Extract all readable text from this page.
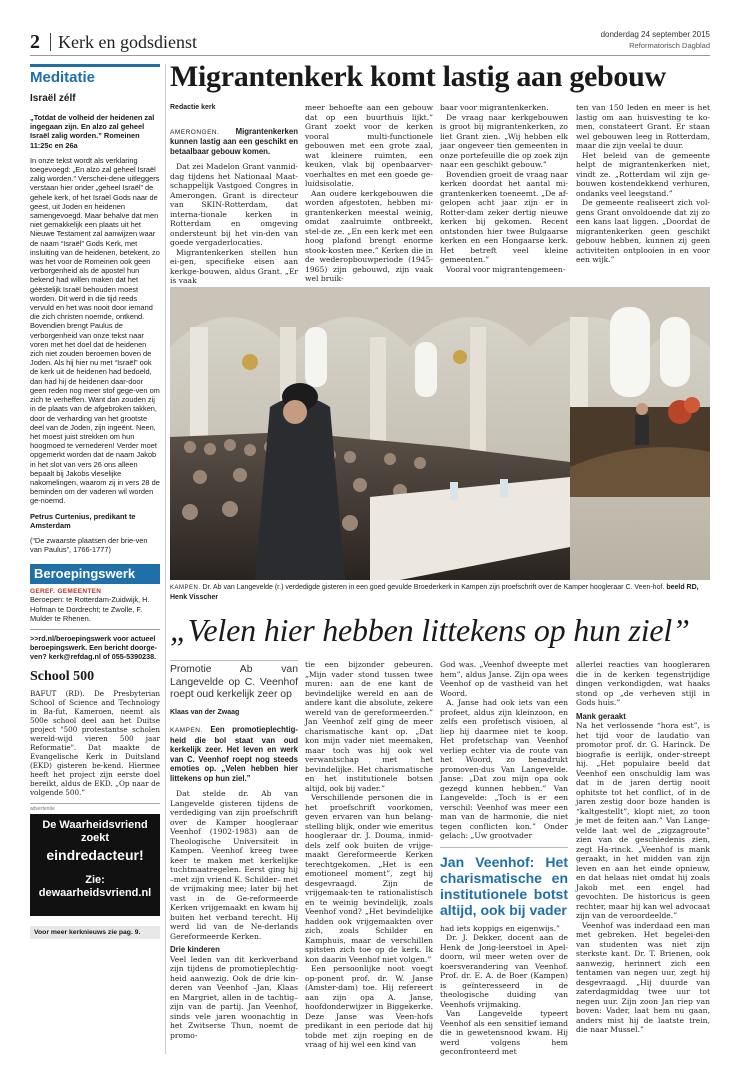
2 Kerk en godsdienst	donderdag 24 september 2015
Reformatorisch Dagblad
Meditatie
Israël zélf
„Totdat de volheid der heidenen zal ingegaan zijn. En alzo zal geheel Israël zalig worden.” Romeinen 11:25c en 26a
In onze tekst wordt als verklaring toegevoegd: „En alzo zal geheel Israël zalig worden.” Verschei-dene uitleggers verstaan hier onder „geheel Israël” de gehele kerk, of het Israël Gods naar de geest, uit Joden en heidenen samengevoegd. Maar behalve dat men niet gemakkelijk een plaats uit het Nieuwe Testament zal aanwijzen waar de naam “Israël” Gods Kerk, met insluiting van de heidenen, betekent, zo was het voor de Romeinen ook geen verborgenheid als de apostel hun bekend had willen maken dat het géëstelijk Israël behouden moest worden. Dit werd in die tijd reeds vervuld en het was nooit door iemand die zich christen noemde, ontkend. Bovendien brengt Paulus de verborgenheid van onze tekst naar voren met het doel dat de heidenen zich niet zouden beroemen boven de Joden. Als hij hier nu met “Israël” ook de kerk uit de heidenen had bedoeld, dan had hij de heidenen daar-door geen reden nog meer stof gege-ven om zich te verheffen. Want dan zouden zij in de plaats van de afgebroken takken, door de verharding van het grootste deel van de Joden, zijn ingeënt. Neen, het moest juist strekken om hun hoogmoed te vernederen! Verder moet opgemerkt worden dat de naam Jakob in het slot van vers 26 ons alleen bepaalt bij Jakobs vleselijke nakomelingen, waarom zij in vers 28 de beminden om der vaderen wil worden ge-noemd.
Petrus Curtenius, predikant te Amsterdam
(“De zwaarste plaatsen der brie-ven van Paulus”, 1766-1777)
Beroepingswerk
GEREF. GEMEENTEN
Beroepen: te Rotterdam-Zuidwijk, H. Hofman te Dordrecht; te Zwolle, F. Mulder te Rhenen.
>>rd.nl/beroepingswerk voor actueel beroepingswerk. Een bericht doorge-ven? kerk@refdag.nl of 055-5390238.
School 500
BAFUT (RD). De Presbyterian School of Science and Technology in Ba-fut, Kameroen, neemt als 500e school deel aan het Duitse project "500 protestantse scholen wereld-wijd vieren 500 jaar Reformatie". Dat maakte de Evangelische Kerk in Duitsland (EKD) gisteren be-kend. Hiermee heeft het project zijn eerste doel bereikt, aldus de EKD. „Op naar de volgende 500.”
advertentie
De Waarheidsvriend
zoekt
eindredacteur!
Zie:
dewaarheidsvriend.nl
Voor meer kerknieuws zie pag. 9.
Migrantenkerk komt lastig aan gebouw

Redactie kerk

AMERONGEN. Migrantenkerken kunnen lastig aan een geschikt en betaalbaar gebouw komen.

Dat zei Madelon Grant vanmid-dag tijdens het Nationaal Maat-schappelijk Vastgoed Congres in Amerongen. Grant is directeur van SKIN-Rotterdam, dat interna-tionale kerken in Rotterdam en omgeving ondersteunt bij het vin-den van goede vergaderlocaties.

Migrantenkerken stellen hun ei-gen, specifieke eisen aan kerkge-bouwen, aldus Grant. „Er is vaak

meer behoefte aan een gebouw dat op een buurthuis lijkt.” Grant zoekt voor de kerken vooral multi-functionele gebouwen met een grote zaal, wat kleinere ruimten, een keuken, vlak bij openbaarver-voerhaltes en met een goede ge-luidsisolatie.

Aan oudere kerkgebouwen die worden afgestoten, hebben mi-grantenkerken meestal weinig, omdat zaalruimte ontbreekt, stel-de ze. „En een kerk met een hoog plafond brengt enorme stook-kosten mee.” Kerken die in de wederopbouwperiode (1945-1965) zijn gebouwd, zijn vaak wel bruik-

baar voor migrantenkerken.

De vraag naar kerkgebouwen is groot bij migrantenkerken, zo liet Grant zien. „Wij hebben elk jaar ongeveer tien gemeenten in onze portefeuille die op zoek zijn naar een geschikt gebouw.”

Bovendien groeit de vraag naar kerken doordat het aantal mi-grantenkerken toeneemt. „De af-gelopen acht jaar zijn er in Rotter-dam zeker dertig nieuwe kerken bij gekomen. Recent ontstonden hier twee Bulgaarse kerken en een Hongaarse kerk. Het betreft veel kleine gemeenten.”

Vooral voor migrantengemeen-

ten van 150 leden en meer is het lastig om aan huisvesting te ko-men, constateert Grant. Er staan wel gebouwen leeg in Rotterdam, maar die zijn veelal te duur.

Het beleid van de gemeente helpt de migrantenkerken niet, vindt ze. „Rotterdam wil zijn ge-bouwen kostendekkend verhuren, ondanks veel leegstand.”

De gemeente realiseert zich vol-gens Grant onvoldoende dat zij zo een kans laat liggen. „Doordat de migrantenkerken geen geschikt gebouw hebben, kunnen zij geen activiteiten ontplooien in en voor een wijk.”

KAMPEN. Dr. Ab van Langevelde (r.) verdedigde gisteren in een goed gevulde Broederkerk in Kampen zijn proefschrift over de Kamper hoogleraar C. Veen-hof. beeld RD, Henk Visscher
„Velen hier hebben littekens op hun ziel”
Promotie Ab van Langevelde op C. Veenhof roept oud kerkelijk zeer op
Klaas van der Zwaag

KAMPEN. Een promotieplechtig-heid die bol staat van oud kerkelijk zeer. Het leven en werk van C. Veenhof roept nog steeds emoties op. „Velen hebben hier littekens op hun ziel.”

Dat stelde dr. Ab van Langevelde gisteren tijdens de verdediging van zijn proefschrift over de Kamper hoogleraar Veenhof (1902-1983) aan de Theologische Universiteit in Kampen. Veenhof kreeg twee keer te maken met kerkelijke tuchtmaatregelen. Eerst ging hij –met zijn vriend K. Schilder– met de vrijmaking mee; later bij het vast in de Ge-reformeerde Kerken vrijgemaakt en kwam hij buiten het verband terecht. Hij werd lid van de Ne-derlands Gereformeerde Kerken.

Drie kinderen

Veel leden van dit kerkverband zijn tijdens de promotieplechtig-heid aanwezig. Ook de drie kin-deren van Veenhof –Jan, Klaas en Margriet, allen in de tachtig– zijn van de partij. Jan Veenhof, sinds vele jaren woonachtig in het Zwitserse Thun, noemt de promo-

tie een bijzonder gebeuren. „Mijn vader stond tussen twee muren: aan de ene kant de bevindelijke wereld en aan de andere kant die absolute, zekere wereld van de gereformeerden.” Jan Veenhof zelf ging de meer charismatische kant op. „Dat kon mijn vader niet meemaken, maar toch was hij ook wel verwantschap met het bevindelijke. Het charismatische en het institutionele botsen altijd, ook bij vader.”

Verschillende personen die in het proefschrift voorkomen, geven ervaren van hun belang-stelling blijk, onder wie emeritus hoogleraar dr. J. Douma, inmid-dels zelf ook buiten de vrijge-maakt Gereformeerde Kerken terechtgekomen. „Het is een emotioneel moment”, zegt hij desgevraagd. Zijn de vrijgemaak-ten te rationalistisch en te weinig bevindelijk, zoals Veenhof vond? „Het bevindelijke hadden ook vrijgemaakten over zich, zoals Schilder en Kamphuis, maar de verschillen spitsten zich toe op de kerk. Ik kon daarin Veenhof niet volgen.”

Een persoonlijke noot voegt op-ponent prof. dr. W. Janse (Amster-dam) toe. Hij refereert aan zijn opa A. Janse, hoofdonderwijzer in Biggekerke. Deze Janse was Veen-hofs predikant in een periode dat hij tobde met zijn roeping en de vraag of hij wel een kind van

God was. „Veenhof dweepte met hem”, aldus Janse. Zijn opa wees Veenhof op de vastheid van het Woord.

A. Janse had ook iets van een profeet, aldus zijn kleinzoon, en zelfs een profetisch visioen, al liep hij daarmee niet te koop. Het profetschap van Veenhof verliep echter via de route van het Woord, zo benadrukt promoven-dus Van Langevelde. Janse: „Dat zou mijn opa ook gezegd kunnen hebben.” Van Langevelde: „Toch is er een verschil: Veenhof was meer een man van de harmonie, die niet tegen conflicten kon.” Onder gelach: „Uw grootvader

Jan Veenhof: Het charismatische en institutionele botst altijd, ook bij vader

had iets koppigs en eigenwijs.”

Dr. J. Dekker, docent aan de Henk de Jong-leerstoel in Apel-doorn, wil meer weten over de koersverandering van Veenhof. Prof. dr. E. A. de Boer (Kampen) is geïnteresseerd in de theologische duiding van Veenhofs vrijmaking.

Van Langevelde typeert Veenhof als een sensitief iemand die in gewetensnood kwam. Hij werd volgens hem geconfronteerd met

allerlei reacties van hoogleraren die in de kerken tegenstrijdige dingen verkondigden, wat haaks stond op „de verheven stijl in Gods huis.”

Mank geraakt

Na het verlossende “hora est”, is het tijd voor de laudatio van promotor prof. dr. G. Harinck. De biografie is eerlijk, onder-streept hij. „Het populaire beeld dat Veenhof een onschuldig lam was dat in de jaren dertig nooit ophitste tot het conflict, of in de jaren zestig door boze handen is “kaltgestellt”, klopt niet, zo toon je met de feiten aan.” Van Lange-velde laat wel de „zigzagroute” zien van de geschiedenis zien, zegt Ha-rinck. „Veenhof is mank geraakt, in het midden van zijn leven en aan het einde opnieuw, en dat helaas niet omdat hij zoals Jakob met een engel had gevochten. De historicus is geen rechter, maar hij kan wel advocaat zijn van de veroordeelde.”

Veenhof was inderdaad een man met gebreken. Het begelei-den van studenten was niet zijn sterkste kant. Dr. T. Brienen, ook aanwezig, herinnert zich een tentamen van negen uur, zegt hij desgevraagd. „Hij duurde van zaterdagmiddag twee uur tot negen uur. Zijn zoon Jan riep van boven: Vader, laat hem nu gaan, anders mist hij de laatste trein, die naar Mussel.”
